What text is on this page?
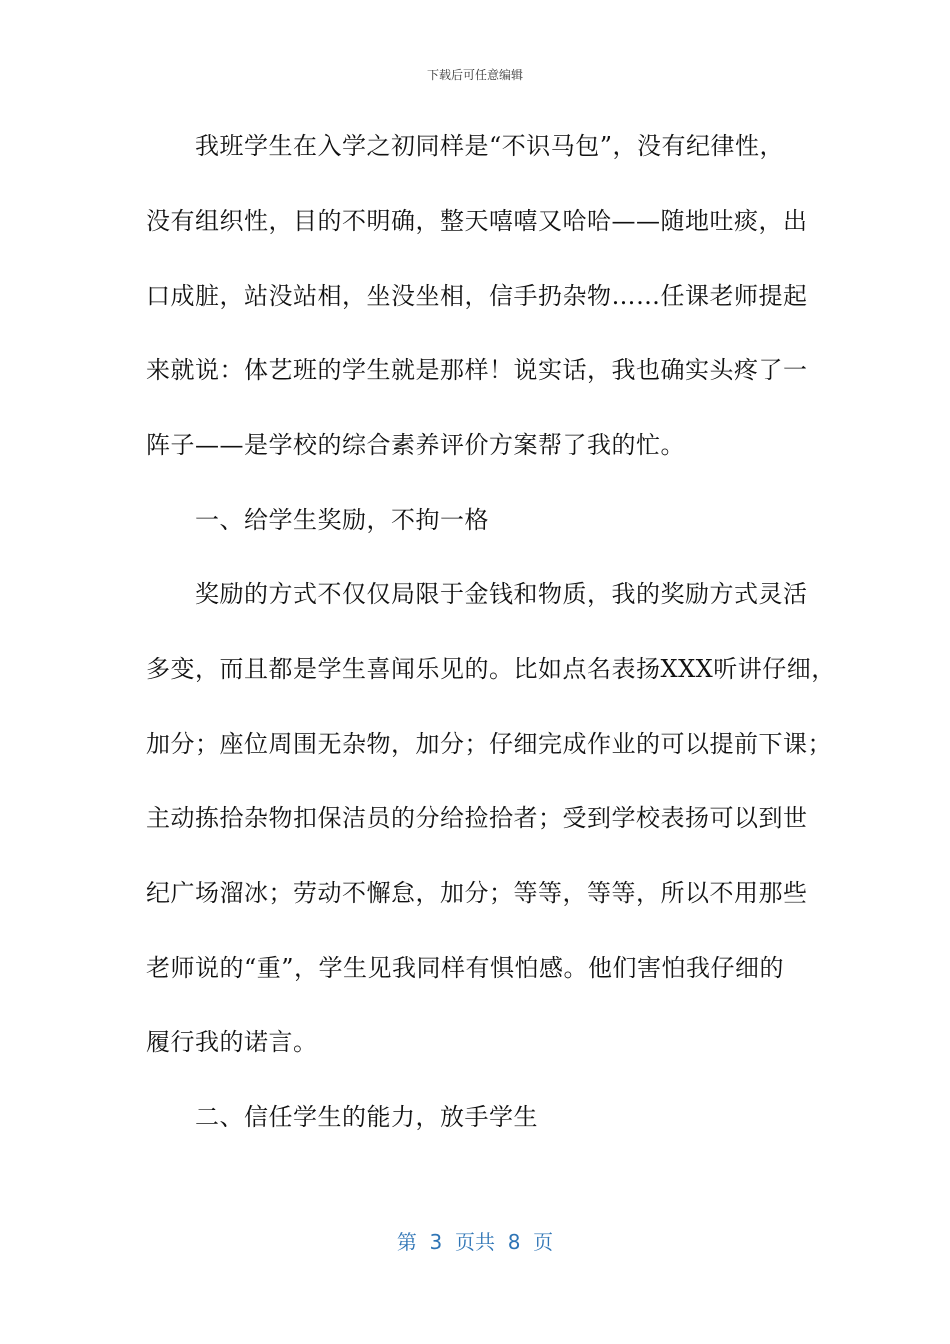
下载后可任意编辑
　　我班学生在入学之初同样是“不识马包”，没有纪律性，
没有组织性，目的不明确，整天嘻嘻又哈哈——随地吐痰，出
口成脏，站没站相，坐没坐相，信手扔杂物……任课老师提起
来就说：体艺班的学生就是那样！说实话，我也确实头疼了一
阵子——是学校的综合素养评价方案帮了我的忙。
　　一、给学生奖励，不拘一格
　　奖励的方式不仅仅局限于金钱和物质，我的奖励方式灵活
多变，而且都是学生喜闻乐见的。比如点名表扬XXX听讲仔细，
加分；座位周围无杂物，加分；仔细完成作业的可以提前下课；
主动拣拾杂物扣保洁员的分给捡拾者；受到学校表扬可以到世
纪广场溜冰；劳动不懈怠，加分；等等，等等，所以不用那些
老师说的“重”，学生见我同样有惧怕感。他们害怕我仔细的
履行我的诺言。
　　二、信任学生的能力，放手学生
第  3  页共  8  页
